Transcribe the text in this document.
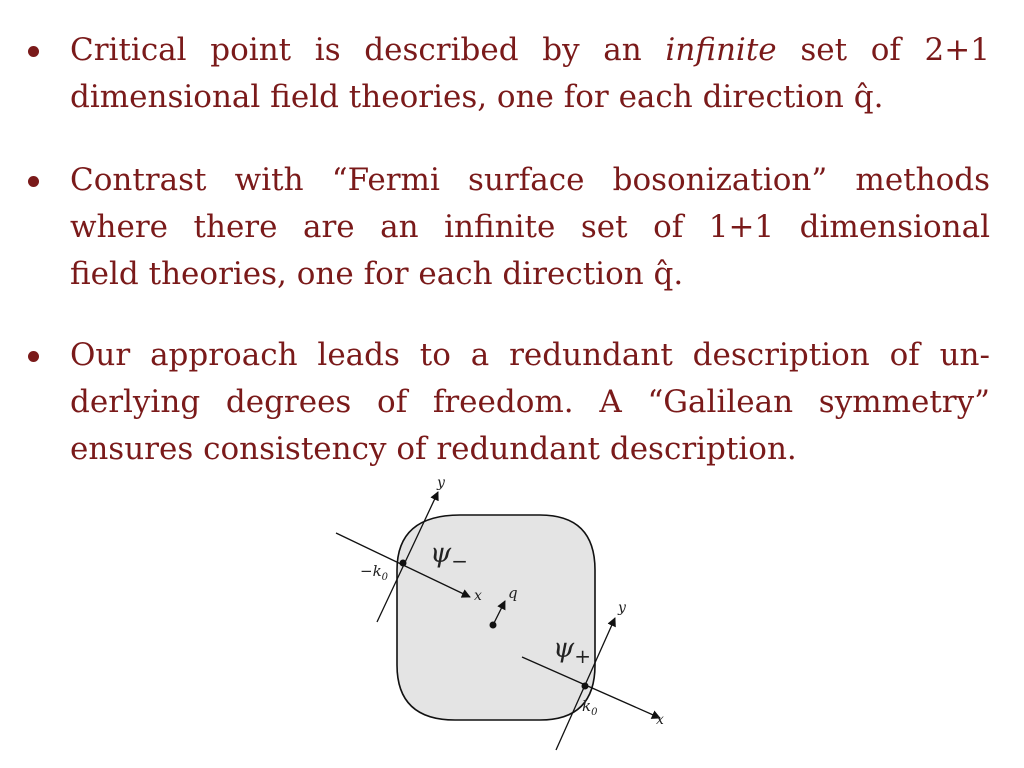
Critical point is described by an infinite set of 2+1
dimensional field theories, one for each direction q̂.
Contrast with “Fermi surface bosonization” methods
where there are an infinite set of 1+1 dimensional
field theories, one for each direction q̂.
Our approach leads to a redundant description of un-
derlying degrees of freedom. A “Galilean symmetry”
ensures consistency of redundant description.
$\psi_-$
$\psi_+$
$-k_0$
$k_0$
q
x
y
x
y
